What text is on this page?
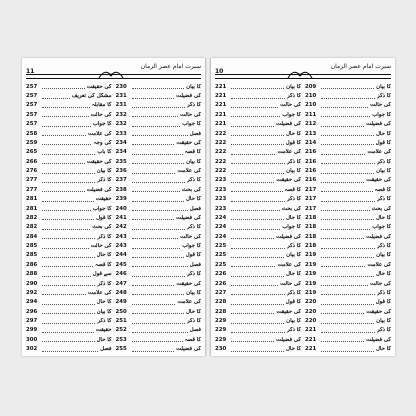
11
سیرت امام عصر الزمان
257	کی حقیقت
257	مشکل کی تعریف
257	کا مقابلہ
257	کی حالت
257	کا جواب
258	کی علامت
259	کی وجہ
265	کا باب
266	کی حقیقت
276	کا بیان
277	کا ذکر
277	کی فضیلت
281	حقیقت
281	کا جواب
282	کا قول
282	کی بحث
284	کا ذکر
285	کی حالت
285	کا حال
286	کا قصہ
288	سے قول
290	کا ذکر
292	کی علامت
294	کا حال
296	کا بیان
297	کا ذکر
299	حقیقت
300	کا حال
302	فصل
230	کا بیان
231	کی فضیلت
231	کا ذکر
232	کی حالت
232	کا جواب
233	فصل
234	کی حقیقت
234	کا قصہ
235	کا بیان
236	کی علامت
237	کا ذکر
238	کی بحث
239	کا حال
240	فصل
241	کی فضیلت
242	کا ذکر
243	کی حالت
243	کا جواب
244	کا قول
245	فصل
246	کا ذکر
247	کی حقیقت
248	کا بیان
249	کی علامت
250	کا حال
251	کا ذکر
252	فصل
253	کا قصہ
255	کی فضیلت
10
سیرت امام عصر الزمان
221	کا بیان
221	کا ذکر
221	کی حالت
221	کا جواب
221	کی فضیلت
222	کا حال
222	کا قول
222	کی علامت
222	کا ذکر
222	کا بیان
223	کی حقیقت
223	کا قصہ
223	کا ذکر
223	کی بحث
224	کا حال
224	کا جواب
224	کی فضیلت
225	کا ذکر
225	کا بیان
225	کی علامت
226	کا حال
226	کی حالت
227	کا ذکر
228	کا قول
228	کی حقیقت
229	کا بیان
229	کا ذکر
229	کی فضیلت
230	کا حال
209	کا بیان
210	کا ذکر
210	کی حالت
211	کا جواب
212	کی فضیلت
213	کا حال
214	کا قول
216	کی علامت
216	کا ذکر
216	کا بیان
216	کی حقیقت
217	کا قصہ
217	کا ذکر
217	کی بحث
218	کا حال
218	کا جواب
218	کی فضیلت
218	کا ذکر
219	کا بیان
219	کی علامت
219	کا حال
219	کی حالت
219	کا ذکر
220	کا قول
220	کی حقیقت
220	کا بیان
221	کا ذکر
221	کی فضیلت
221	کا حال
